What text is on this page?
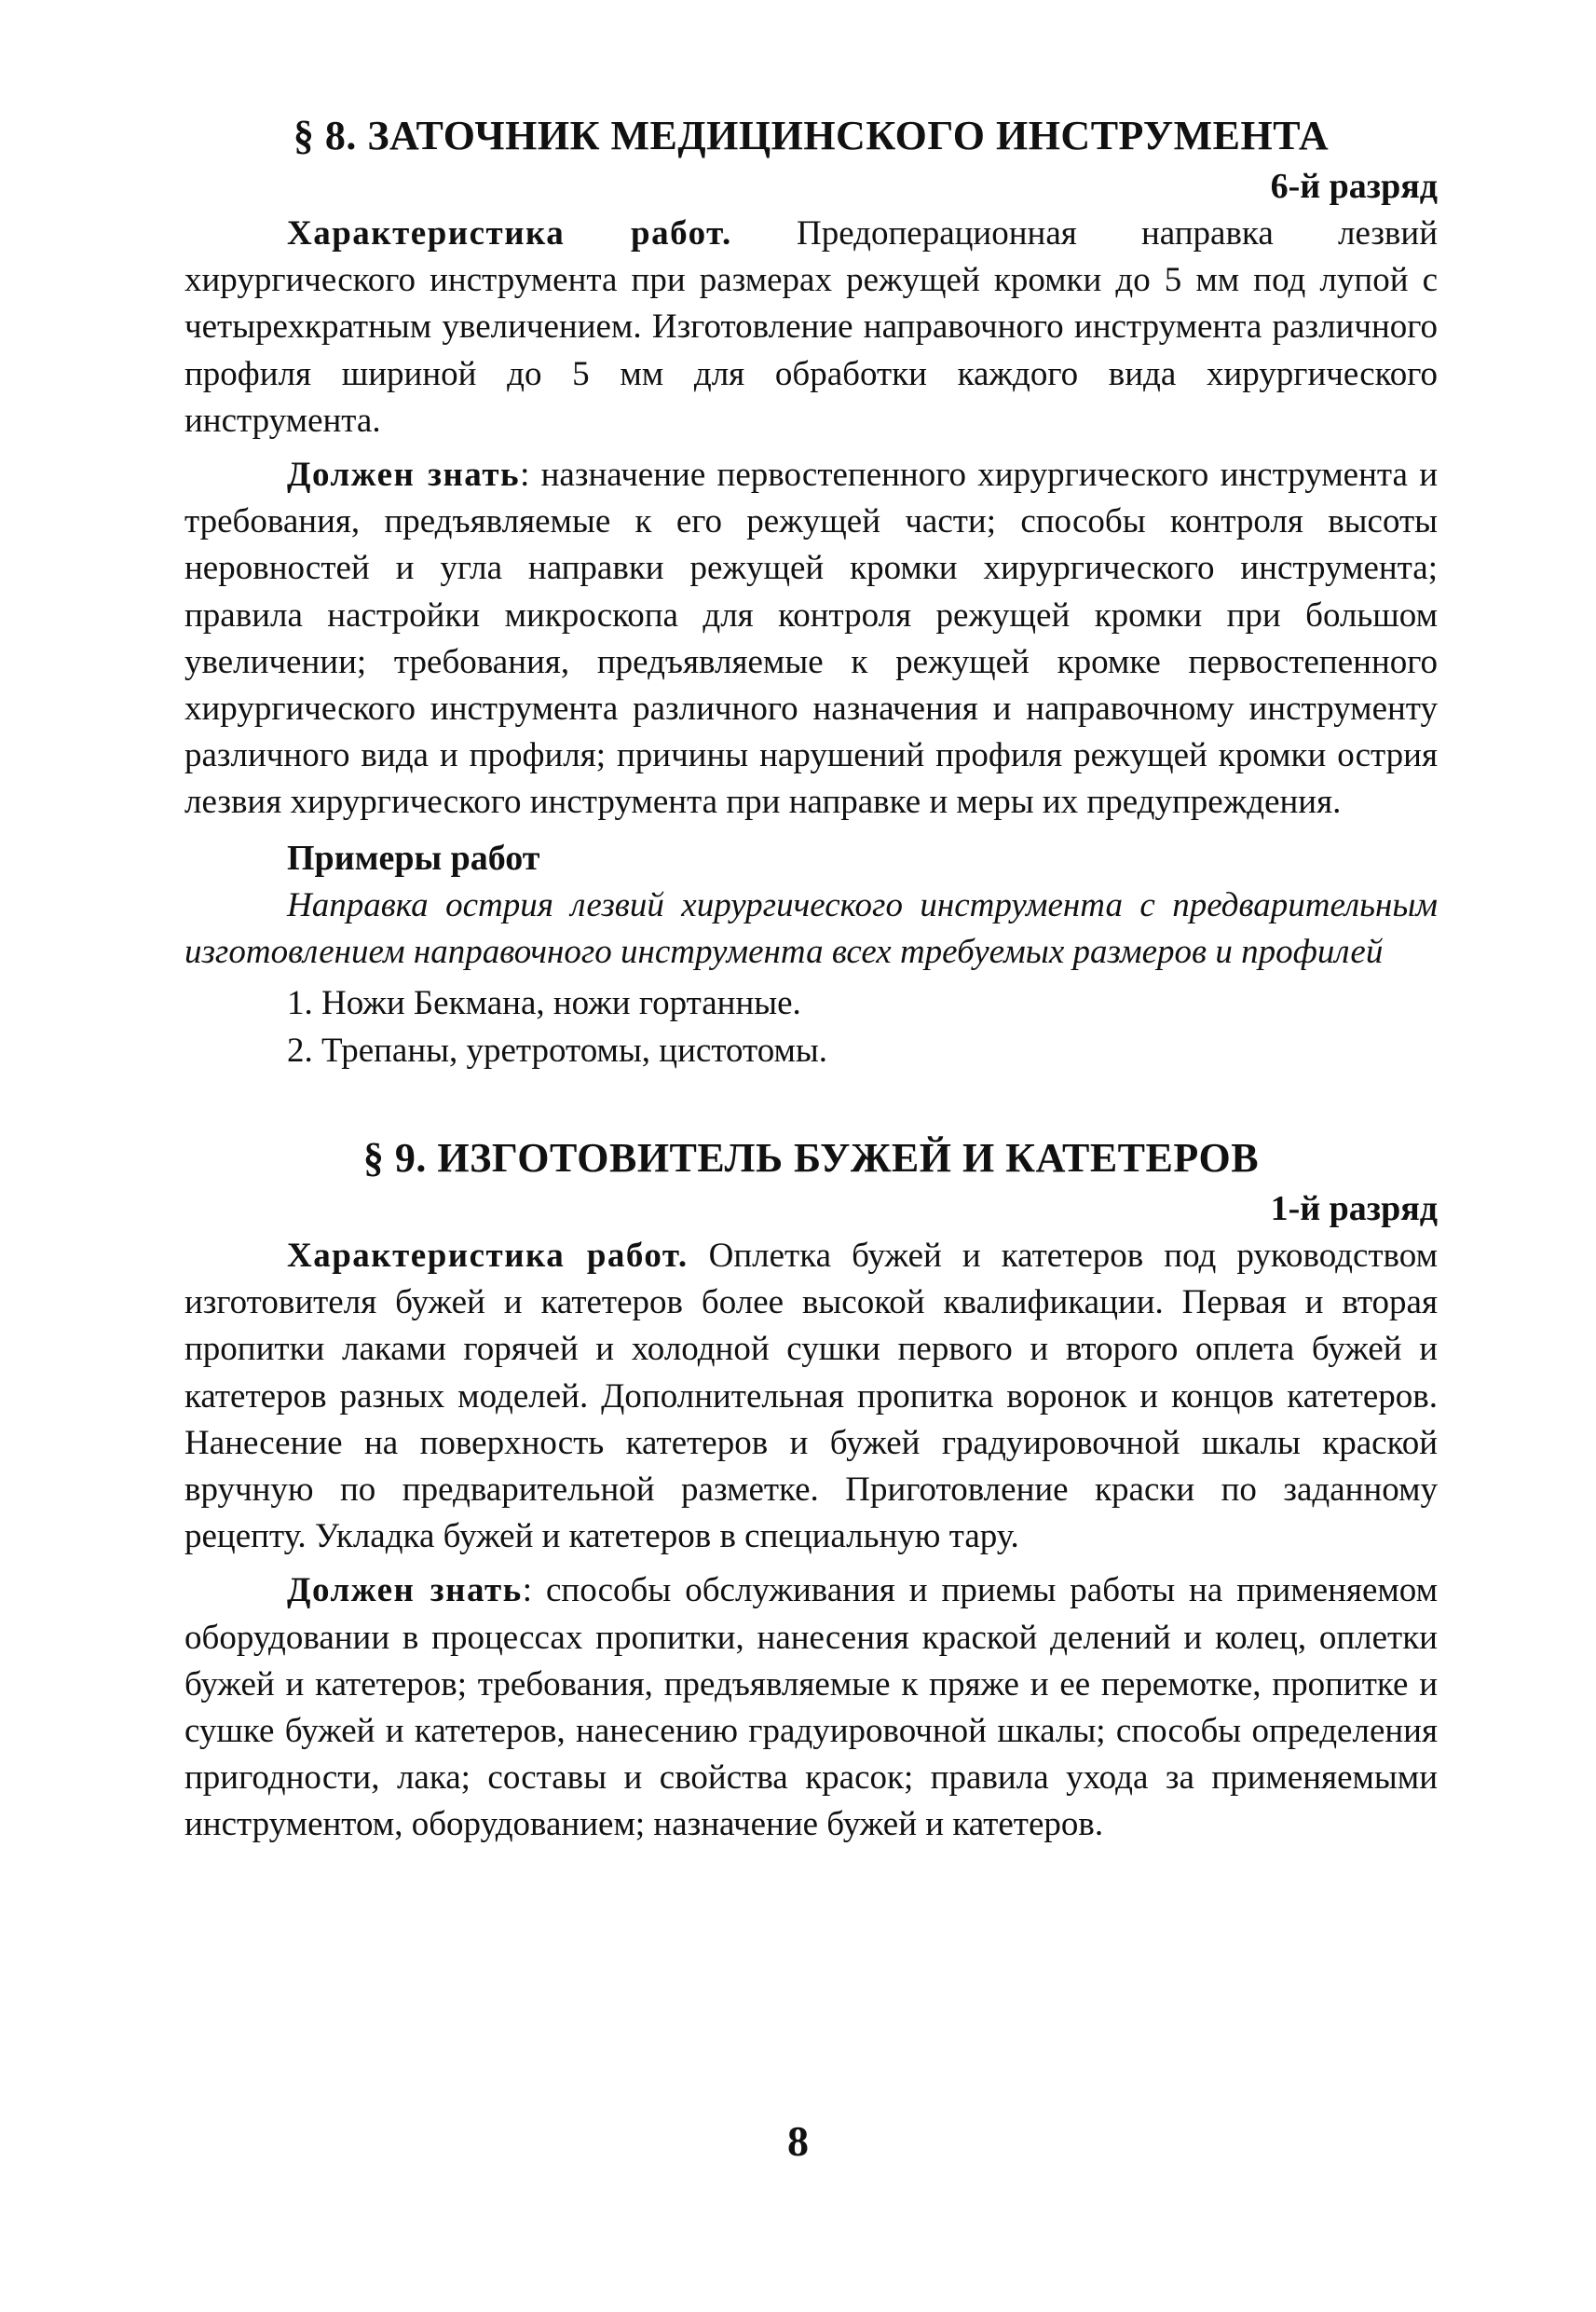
§ 8. ЗАТОЧНИК МЕДИЦИНСКОГО ИНСТРУМЕНТА

6-й разряд

Характеристика работ. Предоперационная направка лезвий хирургического инструмента при размерах режущей кромки до 5 мм под лупой с четырехкратным увеличением. Изготовление направочного инструмента различного профиля шириной до 5 мм для обработки каждого вида хирургического инструмента.

Должен знать: назначение первостепенного хирургического инструмента и требования, предъявляемые к его режущей части; способы контроля высоты неровностей и угла направки режущей кромки хирургического инструмента; правила настройки микроскопа для контроля режущей кромки при большом увеличении; требования, предъявляемые к режущей кромке первостепенного хирургического инструмента различного назначения и направочному инструменту различного вида и профиля; причины нарушений профиля режущей кромки острия лезвия хирургического инструмента при направке и меры их предупреждения.

Примеры работ

Направка острия лезвий хирургического инструмента с предварительным изготовлением направочного инструмента всех требуемых размеров и профилей

1. Ножи Бекмана, ножи гортанные.

2. Трепаны, уретротомы, цистотомы.

§ 9. ИЗГОТОВИТЕЛЬ БУЖЕЙ И КАТЕТЕРОВ

1-й разряд

Характеристика работ. Оплетка бужей и катетеров под руководством изготовителя бужей и катетеров более высокой квалификации. Первая и вторая пропитки лаками горячей и холодной сушки первого и второго оплета бужей и катетеров разных моделей. Дополнительная пропитка воронок и концов катетеров. Нанесение на поверхность катетеров и бужей градуировочной шкалы краской вручную по предварительной разметке. Приготовление краски по заданному рецепту. Укладка бужей и катетеров в специальную тару.

Должен знать: способы обслуживания и приемы работы на применяемом оборудовании в процессах пропитки, нанесения краской делений и колец, оплетки бужей и катетеров; требования, предъявляемые к пряже и ее перемотке, пропитке и сушке бужей и катетеров, нанесению градуировочной шкалы; способы определения пригодности, лака; составы и свойства красок; правила ухода за применяемыми инструментом, оборудованием; назначение бужей и катетеров.

8
